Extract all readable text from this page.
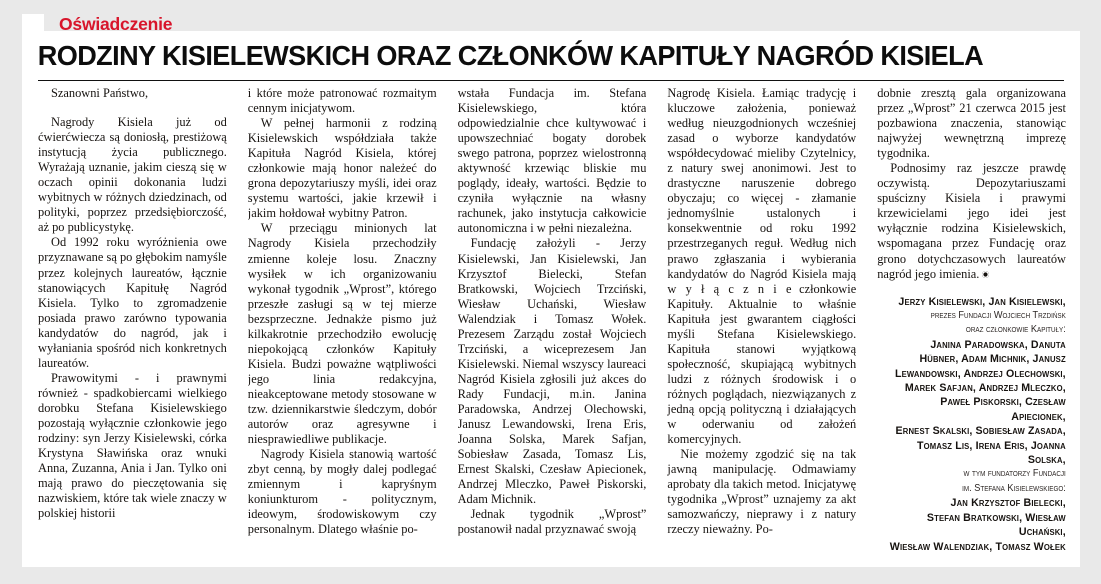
Oświadczenie
RODZINY KISIELEWSKICH ORAZ CZŁONKÓW KAPITUŁY NAGRÓD KISIELA

Szanowni Państwo,

Nagrody Kisiela już od ćwierćwiecza są doniosłą, prestiżową instytucją życia publicznego. Wyrażają uznanie, jakim cieszą się w oczach opinii dokonania ludzi wybitnych w różnych dziedzinach, od polityki, poprzez przedsiębiorczość, aż po publicystykę.

Od 1992 roku wyróżnienia owe przyznawane są po głębokim namyśle przez kolejnych laureatów, łącznie stanowiących Kapitułę Nagród Kisiela. Tylko to zgromadzenie posiada prawo zarówno typowania kandydatów do nagród, jak i wyłaniania spośród nich konkretnych laureatów.

Prawowitymi - i prawnymi również - spadkobiercami wielkiego dorobku Stefana Kisielewskiego pozostają wyłącznie członkowie jego rodziny: syn Jerzy Kisielewski, córka Krystyna Sławińska oraz wnuki Anna, Zuzanna, Ania i Jan. Tylko oni mają prawo do pieczętowania się nazwiskiem, które tak wiele znaczy w polskiej historii

i które może patronować rozmaitym cennym inicjatywom.

W pełnej harmonii z rodziną Kisielewskich współdziała także Kapituła Nagród Kisiela, której członkowie mają honor należeć do grona depozytariuszy myśli, idei oraz systemu wartości, jakie krzewił i jakim hołdował wybitny Patron.

W przeciągu minionych lat Nagrody Kisiela przechodziły zmienne koleje losu. Znaczny wysiłek w ich organizowaniu wykonał tygodnik „Wprost”, którego przeszłe zasługi są w tej mierze bezsprzeczne. Jednakże pismo już kilkakrotnie przechodziło ewolucję niepokojącą członków Kapituły Kisiela. Budzi poważne wątpliwości jego linia redakcyjna, nieakceptowane metody stosowane w tzw. dziennikarstwie śledczym, dobór autorów oraz agresywne i niesprawiedliwe publikacje.

Nagrody Kisiela stanowią wartość zbyt cenną, by mogły dalej podlegać zmiennym i kapryśnym koniunkturom - politycznym, ideowym, środowiskowym czy personalnym. Dlatego właśnie po-

wstała Fundacja im. Stefana Kisielewskiego, która odpowiedzialnie chce kultywować i upowszechniać bogaty dorobek swego patrona, poprzez wielostronną aktywność krzewiąc bliskie mu poglądy, ideały, wartości. Będzie to czyniła wyłącznie na własny rachunek, jako instytucja całkowicie autonomiczna i w pełni niezależna.

Fundację założyli - Jerzy Kisielewski, Jan Kisielewski, Jan Krzysztof Bielecki, Stefan Bratkowski, Wojciech Trzciński, Wiesław Uchański, Wiesław Walendziak i Tomasz Wołek. Prezesem Zarządu został Wojciech Trzciński, a wiceprezesem Jan Kisielewski. Niemal wszyscy laureaci Nagród Kisiela zgłosili już akces do Rady Fundacji, m.in. Janina Paradowska, Andrzej Olechowski, Janusz Lewandowski, Irena Eris, Joanna Solska, Marek Safjan, Sobiesław Zasada, Tomasz Lis, Ernest Skalski, Czesław Apiecionek, Andrzej Mleczko, Paweł Piskorski, Adam Michnik.

Jednak tygodnik „Wprost” postanowił nadal przyznawać swoją

Nagrodę Kisiela. Łamiąc tradycję i kluczowe założenia, ponieważ według nieuzgodnionych wcześniej zasad o wyborze kandydatów współdecydować mieliby Czytelnicy, z natury swej anonimowi. Jest to drastyczne naruszenie dobrego obyczaju; co więcej - złamanie jednomyślnie ustalonych i konsekwentnie od roku 1992 przestrzeganych reguł. Według nich prawo zgłaszania i wybierania kandydatów do Nagród Kisiela mają w y ł ą c z n i e członkowie Kapituły. Aktualnie to właśnie Kapituła jest gwarantem ciągłości myśli Stefana Kisielewskiego. Kapituła stanowi wyjątkową społeczność, skupiającą wybitnych ludzi z różnych środowisk i o różnych poglądach, niezwiązanych z jedną opcją polityczną i działających w oderwaniu od założeń komercyjnych.

Nie możemy zgodzić się na tak jawną manipulację. Odmawiamy aprobaty dla takich metod. Inicjatywę tygodnika „Wprost” uznajemy za akt samozwańczy, nieprawy i z natury rzeczy nieważny. Po-

dobnie zresztą gala organizowana przez „Wprost” 21 czerwca 2015 jest pozbawiona znaczenia, stanowiąc najwyżej wewnętrzną imprezę tygodnika.

Podnosimy raz jeszcze prawdę oczywistą. Depozytariuszami spuścizny Kisiela i prawymi krzewicielami jego idei jest wyłącznie rodzina Kisielewskich, wspomagana przez Fundację oraz grono dotychczasowych laureatów nagród jego imienia.

Jerzy Kisielewski, Jan Kisielewski,
prezes Fundacji Wojciech Trzdińsk
oraz członkowie Kapituły:
Janina Paradowska, Danuta
Hübner, Adam Michnik, Janusz
Lewandowski, Andrzej Olechowski,
Marek Safjan, Andrzej Mleczko,
Paweł Piskorski, Czesław Apiecionek,
Ernest Skalski, Sobiesław Zasada,
Tomasz Lis, Irena Eris, Joanna Solska,
w tym fundatorzy Fundacji
im. Stefana Kisielewskiego:
Jan Krzysztof Bielecki,
Stefan Bratkowski, Wiesław Uchański,
Wiesław Walendziak, Tomasz Wołek
